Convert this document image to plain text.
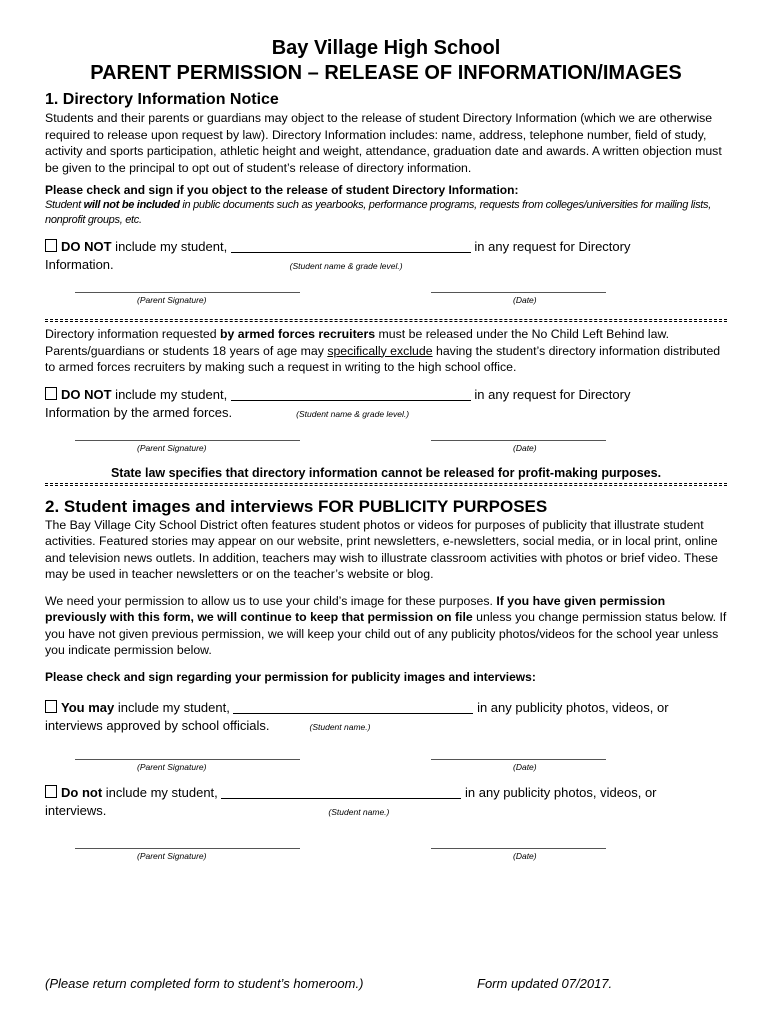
Bay Village High School
PARENT PERMISSION – RELEASE OF INFORMATION/IMAGES
1. Directory Information Notice

Students and their parents or guardians may object to the release of student Directory Information (which we are otherwise required to release upon request by law). Directory Information includes: name, address, telephone number, field of study, activity and sports participation, athletic height and weight, attendance, graduation date and awards. A written objection must be given to the principal to opt out of student’s release of directory information.

Please check and sign if you object to the release of student Directory Information:
Student will not be included in public documents such as yearbooks, performance programs, requests from colleges/universities for mailing lists, nonprofit groups, etc.
DO NOT include my student,	in any request for Directory
Information.	(Student name & grade level.)
(Parent Signature)	(Date)

Directory information requested by armed forces recruiters must be released under the No Child Left Behind law. Parents/guardians or students 18 years of age may specifically exclude having the student’s directory information distributed to armed forces recruiters by making such a request in writing to the high school office.

DO NOT include my student,	in any request for Directory
Information by the armed forces.	(Student name & grade level.)
(Parent Signature)	(Date)
State law specifies that directory information cannot be released for profit-making purposes.
2. Student images and interviews FOR PUBLICITY PURPOSES

The Bay Village City School District often features student photos or videos for purposes of publicity that illustrate student activities. Featured stories may appear on our website, print newsletters, e-newsletters, social media, or in local print, online and television news outlets. In addition, teachers may wish to illustrate classroom activities with photos or brief video. These may be used in teacher newsletters or on the teacher’s website or blog.

We need your permission to allow us to use your child’s image for these purposes. If you have given permission previously with this form, we will continue to keep that permission on file unless you change permission status below. If you have not given previous permission, we will keep your child out of any publicity photos/videos for the school year unless you indicate permission below.

Please check and sign regarding your permission for publicity images and interviews:
You may include my student,	in any publicity photos, videos, or
interviews approved by school officials.	(Student name.)
(Parent Signature)	(Date)
Do not include my student,	in any publicity photos, videos, or
interviews.	(Student name.)
(Parent Signature)	(Date)
(Please return completed form to student’s homeroom.)	Form updated 07/2017.
